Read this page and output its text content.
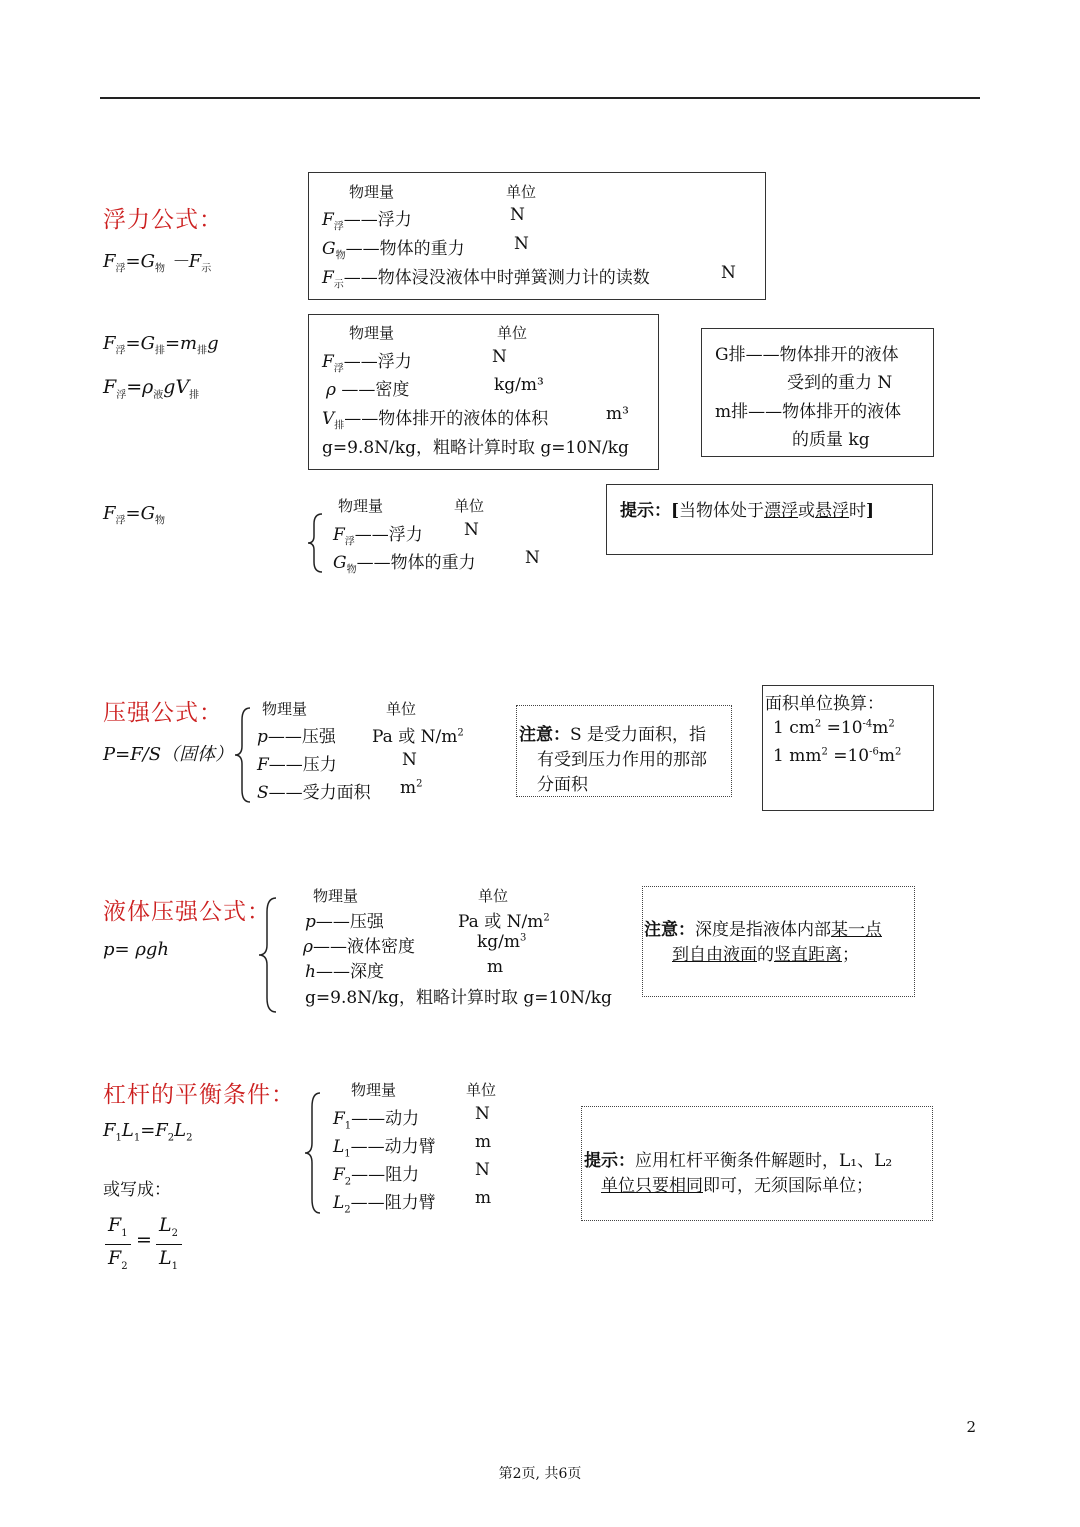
浮力公式：
$F_浮=G_物 -F_示$
物理量	单位
$F_浮——$浮力	N
$G_物——$物体的重力	N
$F_示——$物体浸没液体中时弹簧测力计的读数	N
$F_浮=G_排=m_排g$
$F_浮=\rho_液gV_排$
物理量	单位
$F_浮——$浮力	N
ρ ——密度	kg/m³
$V_排——$物体排开的液体的体积	m³
g=9.8N/kg，粗略计算时取 g=10N/kg
G排——物体排开的液体
受到的重力 N
m排——物体排开的液体
的质量 kg
$F_浮=G_物$
物理量	单位
$F_浮——$浮力 N
$G_物——$物体的重力	N
提示：[当物体处于漂浮或悬浮时]
压强公式：
P=F/S（固体）
物理量	单位
p——压强 Pa 或 $N/m^2$
F——压力	N
S——受力面积 $m^2$
注意：S 是受力面积，指
有受到压力作用的那部
分面积
面积单位换算：
1 $cm^2 =10^{-4}m^2$
1 $mm^2 =10^{-6}m^2$
液体压强公式：
p= ρgh
物理量	单位
p——压强	Pa 或 $N/m^2$
ρ——液体密度	$kg/m^3$
h——深度	m
g=9.8N/kg，粗略计算时取 g=10N/kg
注意：深度是指液体内部某一点
到自由液面的竖直距离；
杠杆的平衡条件：
$F_1L_1=F_2L_2$
或写成：
$F_1$
$F_2$
=
$L_2$
$L_1$
物理量	单位
$F_1——$动力	N
$L_1——$动力臂 m
$F_2——$阻力	N
$L_2——$阻力臂 m
提示：应用杠杆平衡条件解题时，L₁、L₂
单位只要相同即可，无须国际单位；
2
第2页, 共6页
